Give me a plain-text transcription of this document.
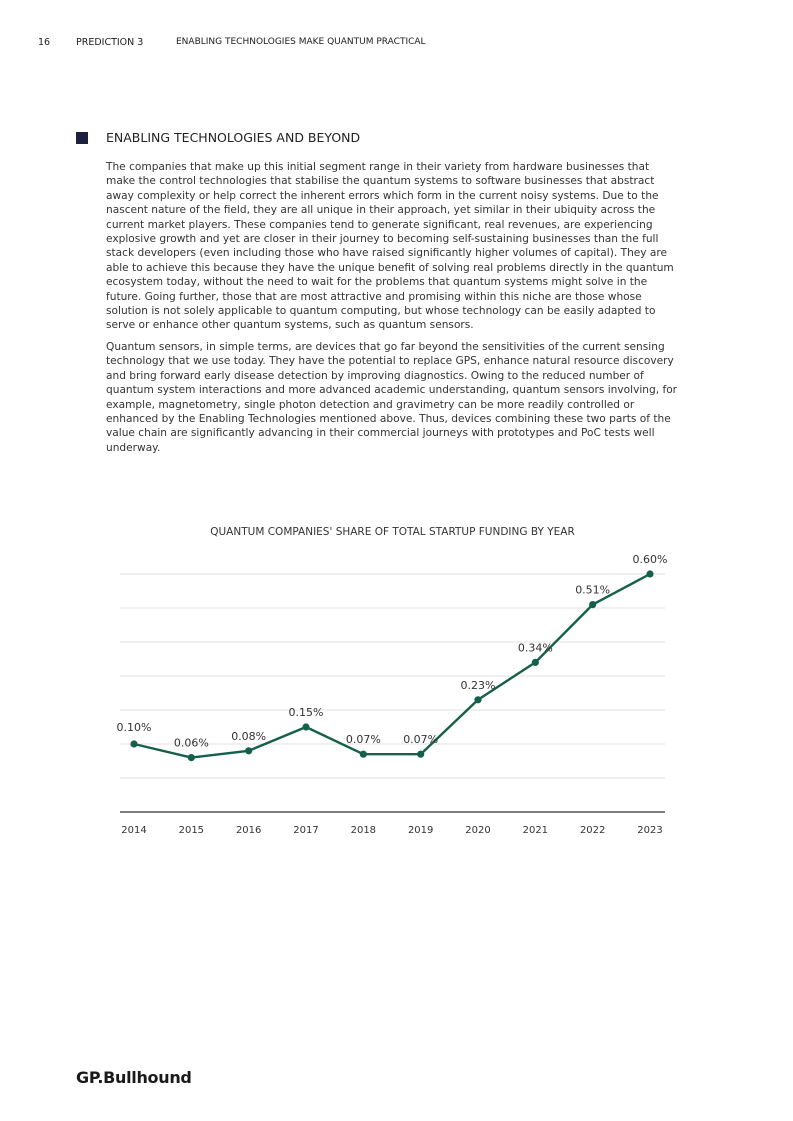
16	PREDICTION 3	ENABLING TECHNOLOGIES MAKE QUANTUM PRACTICAL
ENABLING TECHNOLOGIES AND BEYOND

The companies that make up this initial segment range in their variety from hardware businesses that make the control technologies that stabilise the quantum systems to software businesses that abstract away complexity or help correct the inherent errors which form in the current noisy systems. Due to the nascent nature of the field, they are all unique in their approach, yet similar in their ubiquity across the current market players. These companies tend to generate significant, real revenues, are experiencing explosive growth and yet are closer in their journey to becoming self-sustaining businesses than the full stack developers (even including those who have raised significantly higher volumes of capital). They are able to achieve this because they have the unique benefit of solving real problems directly in the quantum ecosystem today, without the need to wait for the problems that quantum systems might solve in the future. Going further, those that are most attractive and promising within this niche are those whose solution is not solely applicable to quantum computing, but whose technology can be easily adapted to serve or enhance other quantum systems, such as quantum sensors.

Quantum sensors, in simple terms, are devices that go far beyond the sensitivities of the current sensing technology that we use today. They have the potential to replace GPS, enhance natural resource discovery and bring forward early disease detection by improving diagnostics. Owing to the reduced number of quantum system interactions and more advanced academic understanding, quantum sensors involving, for example, magnetometry, single photon detection and gravimetry can be more readily controlled or enhanced by the Enabling Technologies mentioned above. Thus, devices combining these two parts of the value chain are significantly advancing in their commercial journeys with prototypes and PoC tests well underway.

QUANTUM COMPANIES' SHARE OF TOTAL STARTUP FUNDING BY YEAR
0.10%
0.06%
0.08%
0.15%
0.07% 0.07%
0.23%
0.34%
0.51%
0.60%
2014	2015	2016	2017	2018	2019	2020	2021	2022	2023
GP.Bullhound
